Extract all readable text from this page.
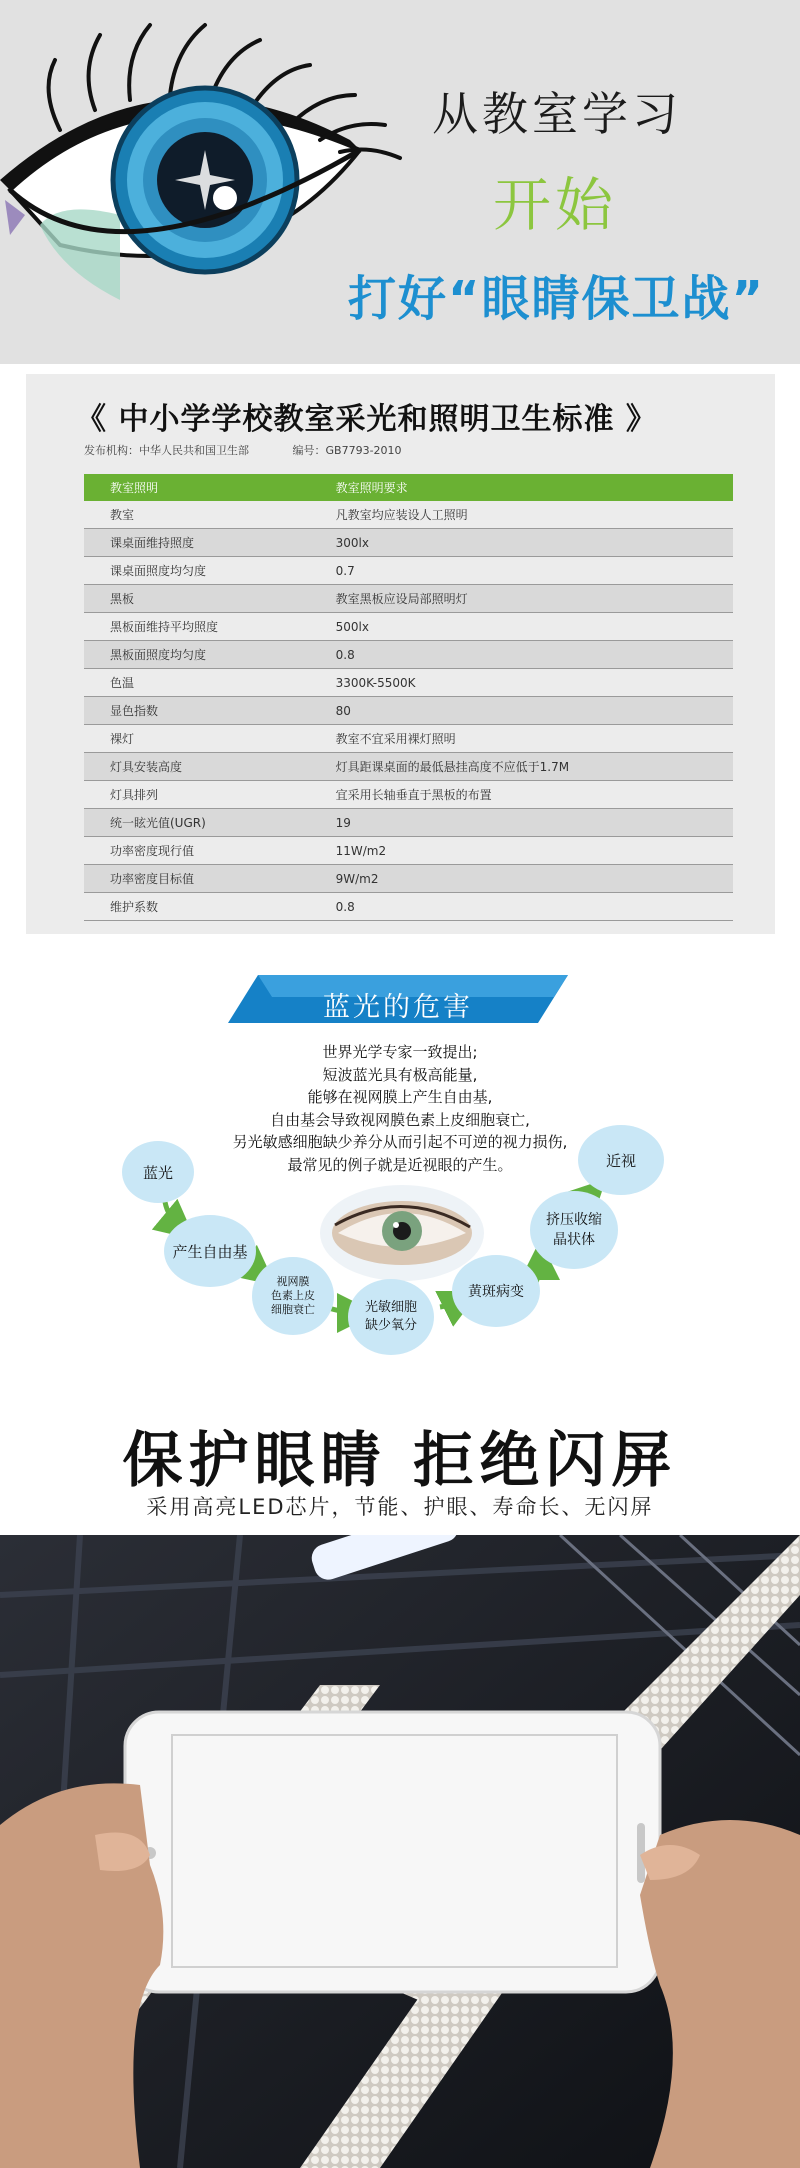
从教室学习
开始
打好“眼睛保卫战”
《 中小学学校教室采光和照明卫生标准 》
发布机构：中华人民共和国卫生部	编号：GB7793-2010
教室照明	教室照明要求
教室	凡教室均应装设人工照明
课桌面维持照度	300lx
课桌面照度均匀度	0.7
黑板	教室黑板应设局部照明灯
黑板面维持平均照度	500lx
黑板面照度均匀度	0.8
色温	3300K-5500K
显色指数	80
裸灯	教室不宜采用裸灯照明
灯具安装高度	灯具距课桌面的最低悬挂高度不应低于1.7M
灯具排列	宜采用长轴垂直于黑板的布置
统一眩光值(UGR)	19
功率密度现行值	11W/m2
功率密度目标值	9W/m2
维护系数	0.8
蓝光的危害
世界光学专家一致提出;
短波蓝光具有极高能量,
能够在视网膜上产生自由基,
自由基会导致视网膜色素上皮细胞衰亡,
另光敏感细胞缺少养分从而引起不可逆的视力损伤,
最常见的例子就是近视眼的产生。
蓝光
产生自由基
视网膜
色素上皮
细胞衰亡	光敏细胞
缺少氧分
黄斑病变
挤压收缩
晶状体
近视
保护眼睛 拒绝闪屏
采用高亮LED芯片，节能、护眼、寿命长、无闪屏
